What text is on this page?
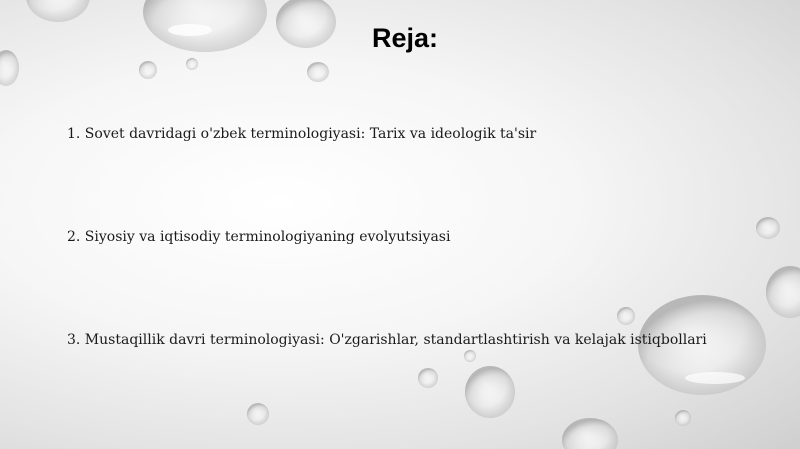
Reja:
1. Sovet davridagi o'zbek terminologiyasi: Tarix va ideologik ta'sir
2. Siyosiy va iqtisodiy terminologiyaning evolyutsiyasi
3. Mustaqillik davri terminologiyasi: O'zgarishlar, standartlashtirish va kelajak istiqbollari
